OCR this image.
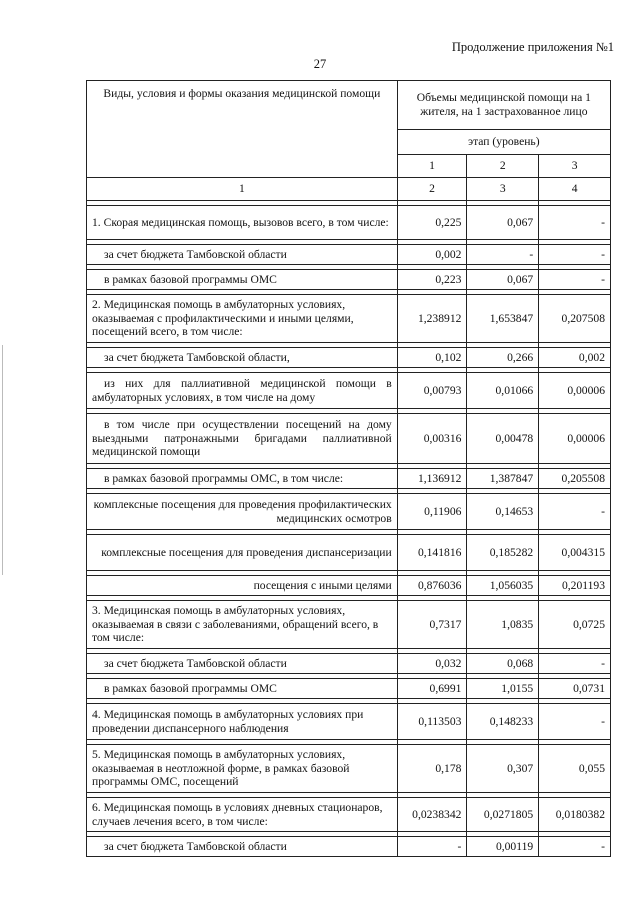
Продолжение приложения №1
27
Виды, условия и формы оказания медицинской помощи	Объемы медицинской помощи на 1 жителя, на 1 застрахованное лицо		
	этап (уровень)		
	1	2	3
1	2	3	4

1. Скорая медицинская помощь, вызовов всего, в том числе:	0,225	0,067	-

за счет бюджета Тамбовской области	0,002	-	-

в рамках базовой программы ОМС	0,223	0,067	-

2. Медицинская помощь в амбулаторных условиях, оказываемая с профилактическими и иными целями, посещений всего, в том числе:	1,238912	1,653847	0,207508

за счет бюджета Тамбовской области,	0,102	0,266	0,002

из них для паллиативной медицинской помощи в амбулаторных условиях, в том числе на дому	0,00793	0,01066	0,00006

в том числе при осуществлении посещений на дому выездными патронажными бригадами паллиативной медицинской помощи	0,00316	0,00478	0,00006

в рамках базовой программы ОМС, в том числе:	1,136912	1,387847	0,205508

комплексные посещения для проведения профилактических медицинских осмотров	0,11906	0,14653	-

комплексные посещения для проведения диспансеризации	0,141816	0,185282	0,004315

посещения с иными целями	0,876036	1,056035	0,201193

3. Медицинская помощь в амбулаторных условиях, оказываемая в связи с заболеваниями, обращений всего, в том числе:	0,7317	1,0835	0,0725

за счет бюджета Тамбовской области	0,032	0,068	-

в рамках базовой программы ОМС	0,6991	1,0155	0,0731

4. Медицинская помощь в амбулаторных условиях при проведении диспансерного наблюдения	0,113503	0,148233	-

5. Медицинская помощь в амбулаторных условиях, оказываемая в неотложной форме, в рамках базовой программы ОМС, посещений	0,178	0,307	0,055

6. Медицинская помощь в условиях дневных стационаров, случаев лечения всего, в том числе:	0,0238342	0,0271805	0,0180382

за счет бюджета Тамбовской области	-	0,00119	-
